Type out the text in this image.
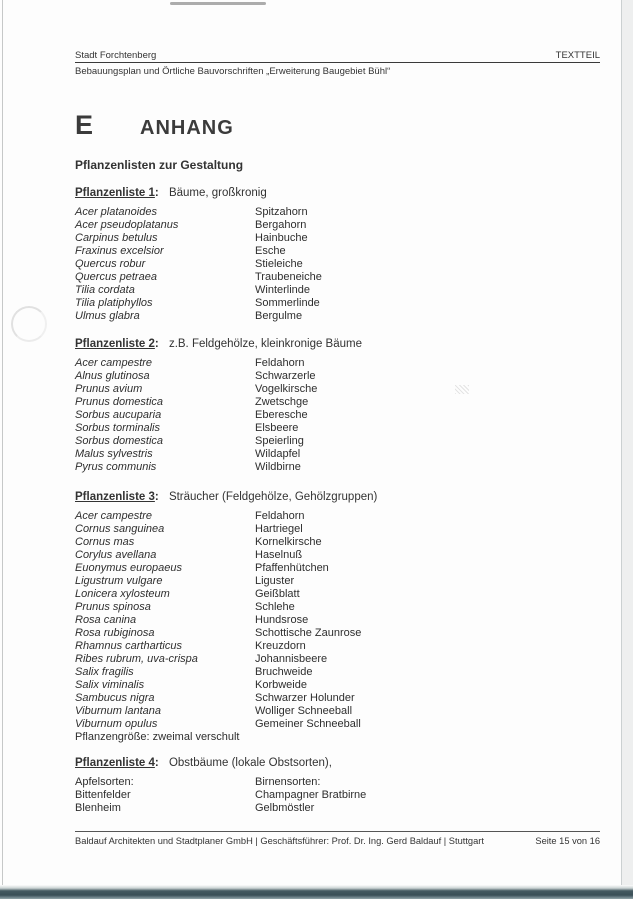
Stadt Forchtenberg	TEXTTEIL
Bebauungsplan und Örtliche Bauvorschriften „Erweiterung Baugebiet Bühl“
E	ANHANG
Pflanzenlisten zur Gestaltung
Pflanzenliste 1: Bäume, großkronig
Acer platanoides	Spitzahorn
Acer pseudoplatanus	Bergahorn
Carpinus betulus	Hainbuche
Fraxinus excelsior	Esche
Quercus robur	Stieleiche
Quercus petraea	Traubeneiche
Tilia cordata	Winterlinde
Tilia platiphyllos	Sommerlinde
Ulmus glabra	Bergulme
Pflanzenliste 2: z.B. Feldgehölze, kleinkronige Bäume
Acer campestre	Feldahorn
Alnus glutinosa	Schwarzerle
Prunus avium	Vogelkirsche
Prunus domestica	Zwetschge
Sorbus aucuparia	Eberesche
Sorbus torminalis	Elsbeere
Sorbus domestica	Speierling
Malus sylvestris	Wildapfel
Pyrus communis	Wildbirne
Pflanzenliste 3: Sträucher (Feldgehölze, Gehölzgruppen)
Acer campestre	Feldahorn
Cornus sanguinea	Hartriegel
Cornus mas	Kornelkirsche
Corylus avellana	Haselnuß
Euonymus europaeus	Pfaffenhütchen
Ligustrum vulgare	Liguster
Lonicera xylosteum	Geißblatt
Prunus spinosa	Schlehe
Rosa canina	Hundsrose
Rosa rubiginosa	Schottische Zaunrose
Rhamnus cartharticus	Kreuzdorn
Ribes rubrum, uva-crispa	Johannisbeere
Salix fragilis	Bruchweide
Salix viminalis	Korbweide
Sambucus nigra	Schwarzer Holunder
Viburnum lantana	Wolliger Schneeball
Viburnum opulus	Gemeiner Schneeball
Pflanzengröße: zweimal verschult
Pflanzenliste 4: Obstbäume (lokale Obstsorten),
Apfelsorten:	Birnensorten:
Bittenfelder	Champagner Bratbirne
Blenheim	Gelbmöstler
Baldauf Architekten und Stadtplaner GmbH | Geschäftsführer: Prof. Dr. Ing. Gerd Baldauf | Stuttgart	Seite 15 von 16
